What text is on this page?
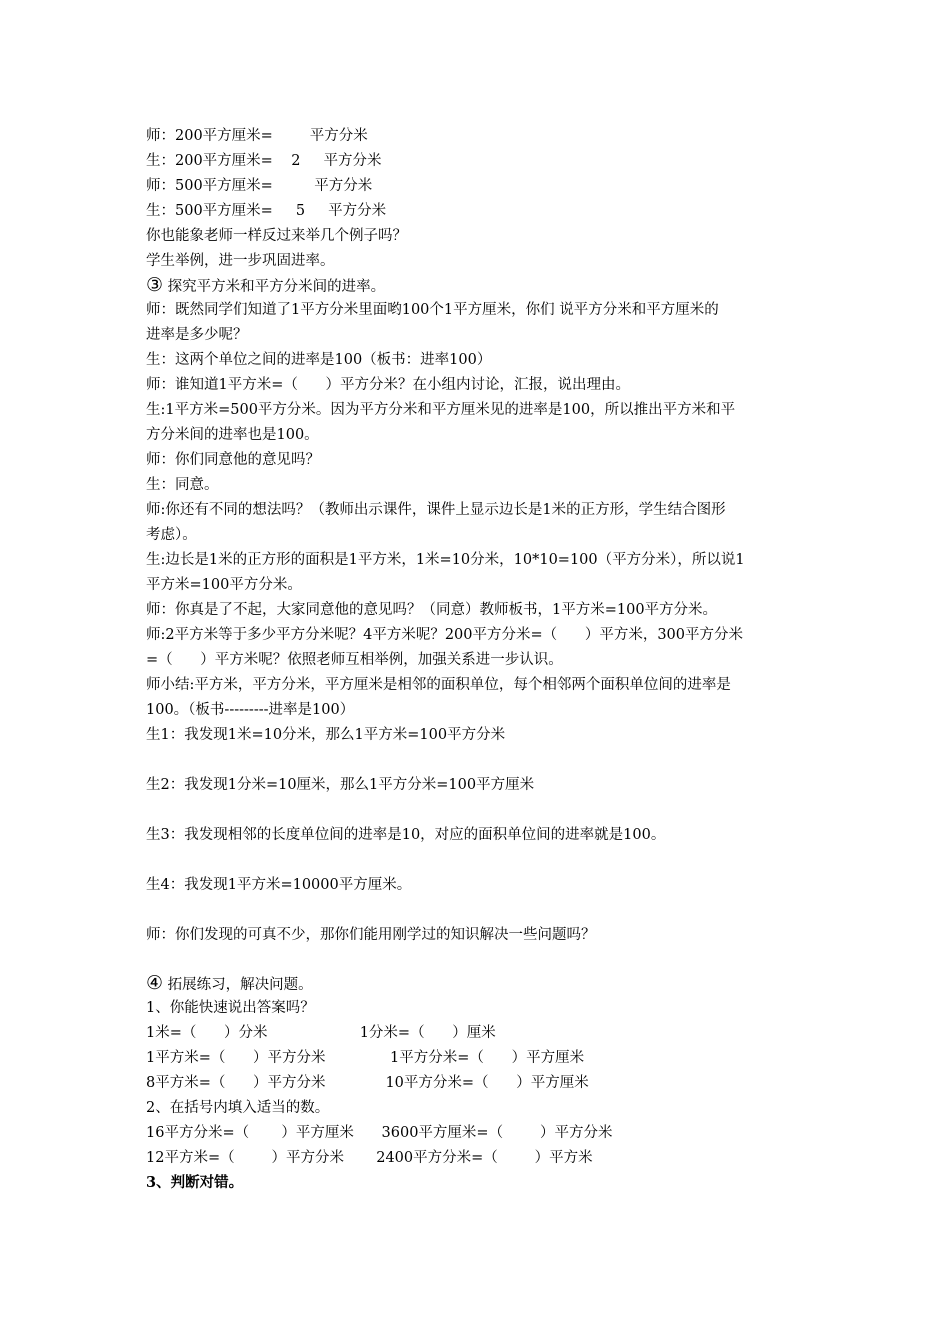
师：200平方厘米=        平方分米
生：200平方厘米=    2     平方分米
师：500平方厘米=         平方分米
生：500平方厘米=     5     平方分米
你也能象老师一样反过来举几个例子吗？
学生举例，进一步巩固进率。
③ 探究平方米和平方分米间的进率。
师：既然同学们知道了1平方分米里面哟100个1平方厘米，你们 说平方分米和平方厘米的
进率是多少呢？
生：这两个单位之间的进率是100（板书：进率100）
师：谁知道1平方米=（      ）平方分米？在小组内讨论，汇报，说出理由。
生:1平方米=500平方分米。因为平方分米和平方厘米见的进率是100，所以推出平方米和平
方分米间的进率也是100。
师：你们同意他的意见吗？
生：同意。
师:你还有不同的想法吗？（教师出示课件，课件上显示边长是1米的正方形，学生结合图形
考虑）。
生:边长是1米的正方形的面积是1平方米，1米=10分米，10*10=100（平方分米），所以说1
平方米=100平方分米。
师：你真是了不起，大家同意他的意见吗？（同意）教师板书，1平方米=100平方分米。
师:2平方米等于多少平方分米呢？4平方米呢？200平方分米=（      ）平方米，300平方分米
=（      ）平方米呢？依照老师互相举例，加强关系进一步认识。
师小结:平方米，平方分米，平方厘米是相邻的面积单位，每个相邻两个面积单位间的进率是
100。（板书---------进率是100）
生1：我发现1米=10分米，那么1平方米=100平方分米
生2：我发现1分米=10厘米，那么1平方分米=100平方厘米
生3：我发现相邻的长度单位间的进率是10，对应的面积单位间的进率就是100。
生4：我发现1平方米=10000平方厘米。
师：你们发现的可真不少，那你们能用刚学过的知识解决一些问题吗？
④ 拓展练习，解决问题。
1、你能快速说出答案吗？
1米=（      ）分米                    1分米=（      ）厘米
1平方米=（      ）平方分米              1平方分米=（      ）平方厘米
8平方米=（      ）平方分米             10平方分米=（      ）平方厘米
2、在括号内填入适当的数。
16平方分米=（       ）平方厘米      3600平方厘米=（        ）平方分米
12平方米=（        ）平方分米       2400平方分米=（        ）平方米
3、判断对错。
